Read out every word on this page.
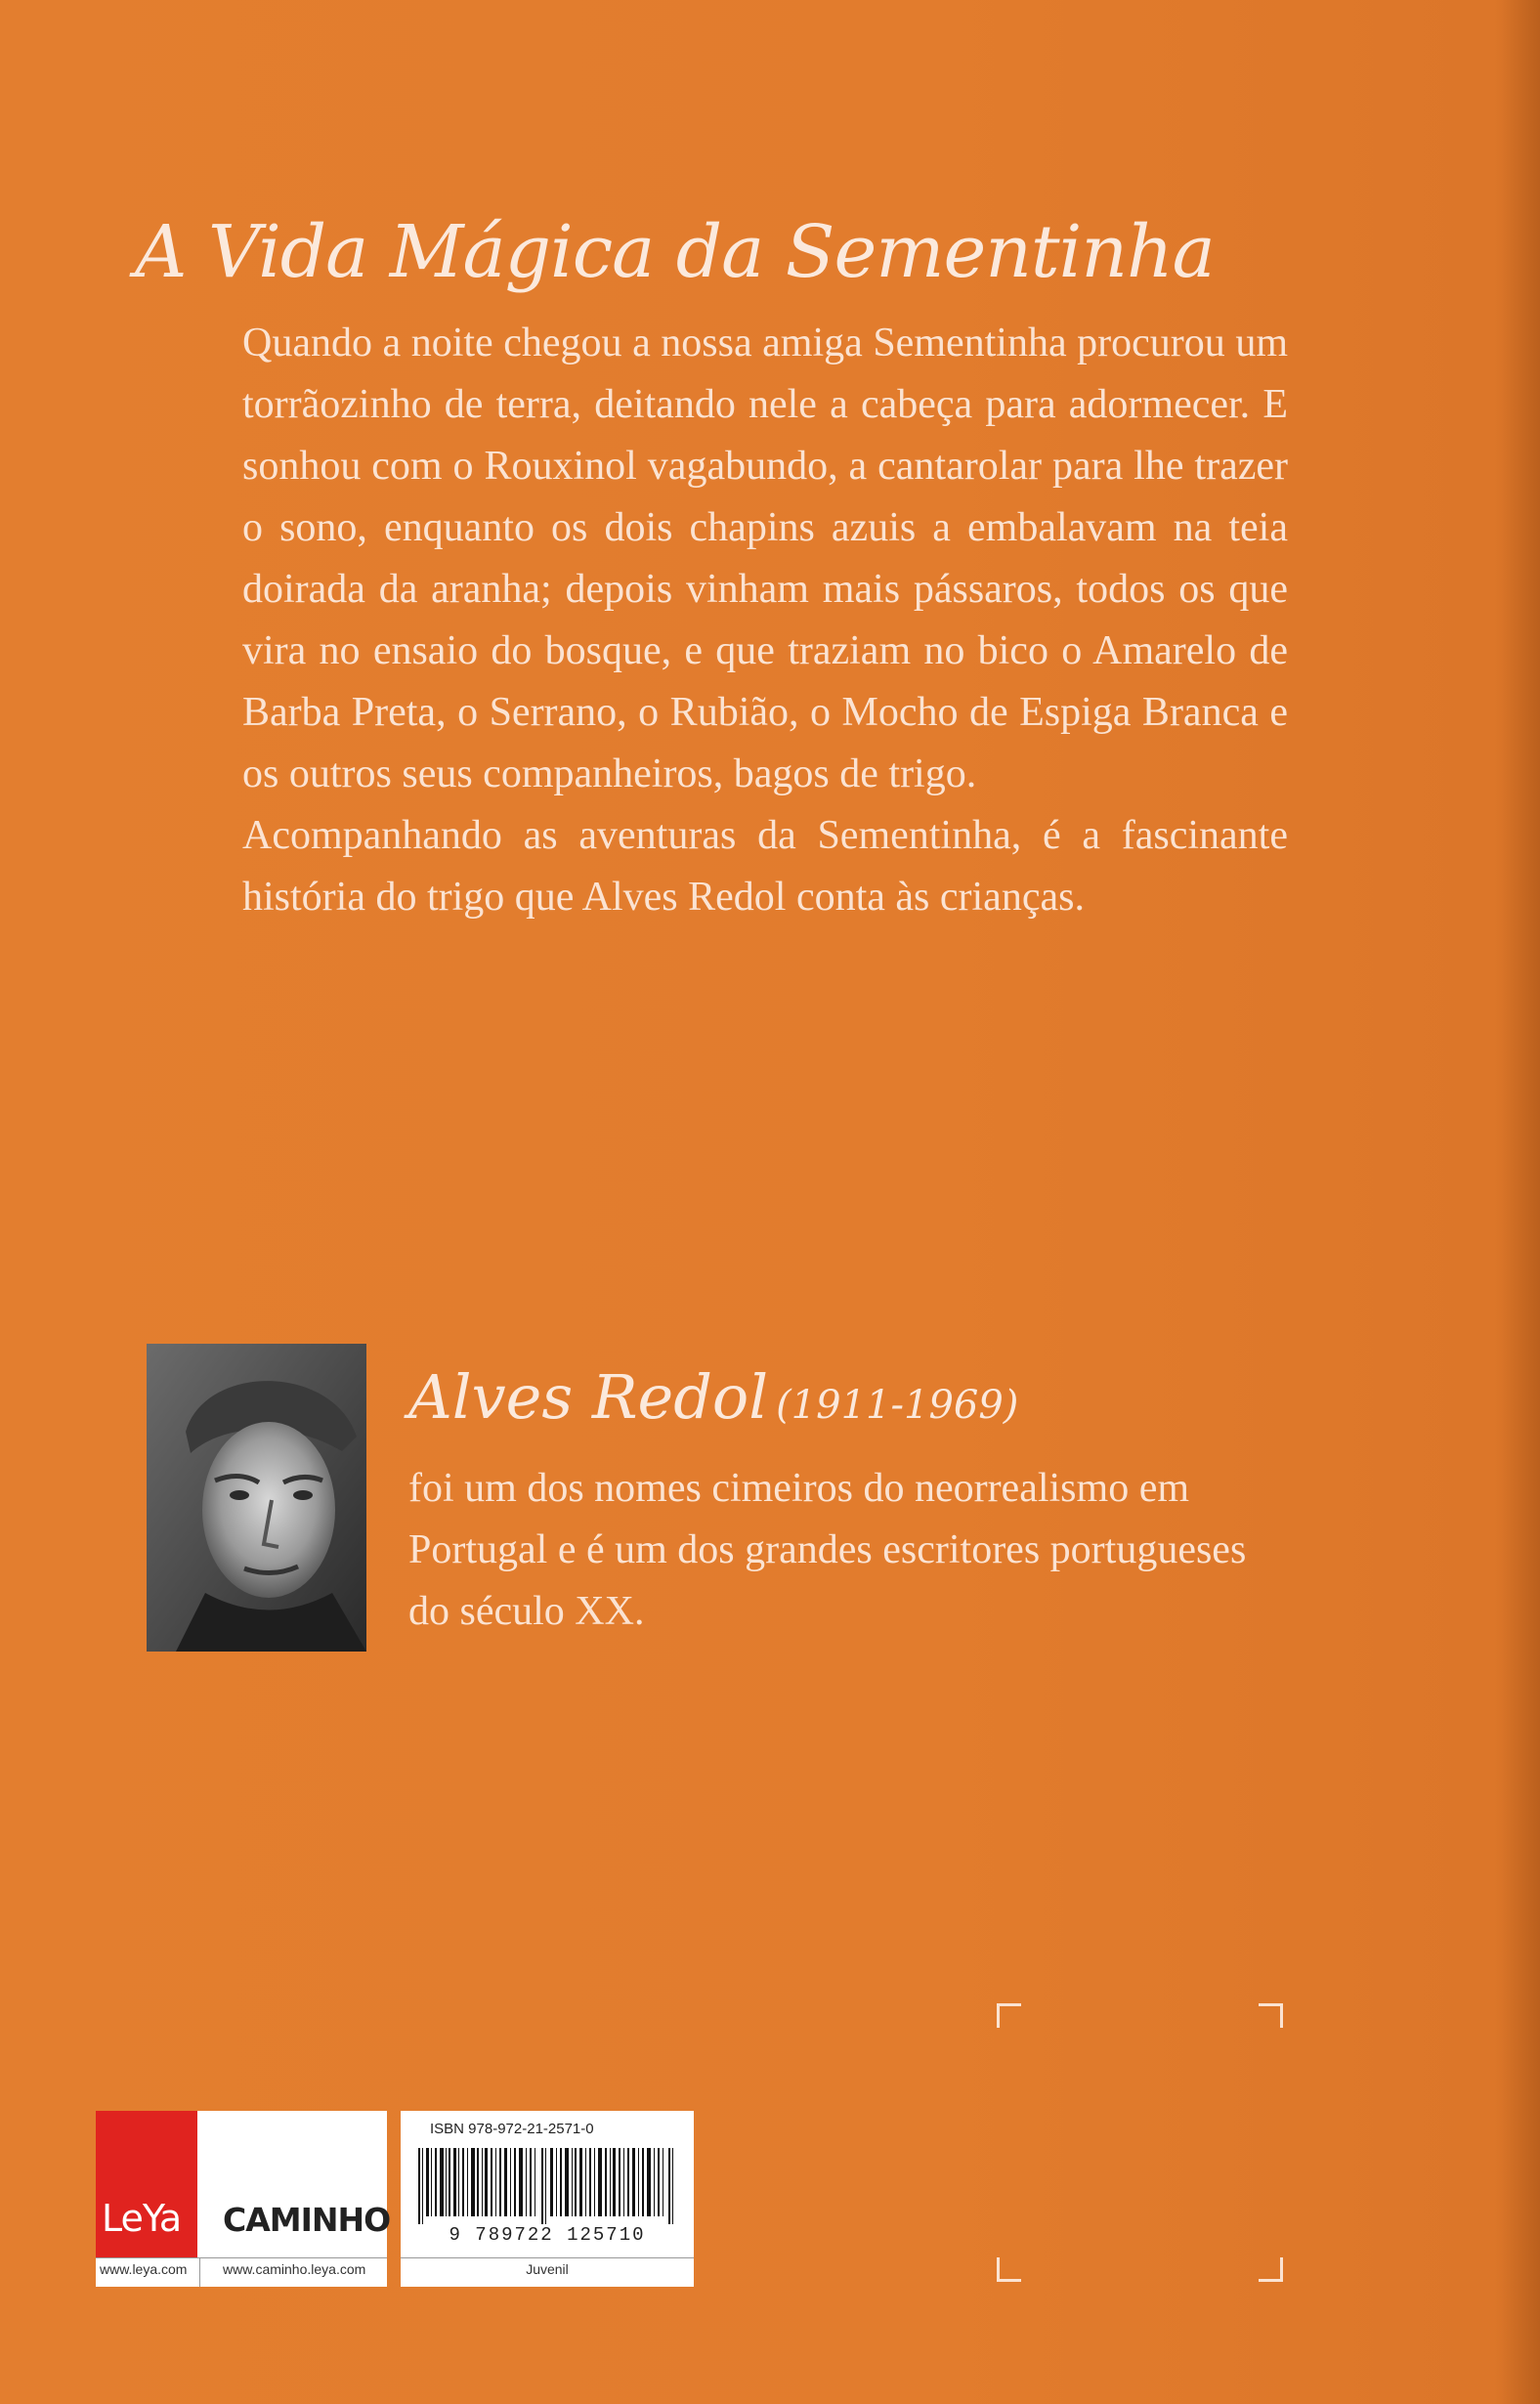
A Vida Mágica da Sementinha

Quando a noite chegou a nossa amiga Sementinha procurou um torrãozinho de terra, deitando nele a cabeça para adormecer. E sonhou com o Rouxinol vagabundo, a cantarolar para lhe trazer o sono, enquanto os dois chapins azuis a embalavam na teia doirada da aranha; depois vinham mais pássaros, todos os que vira no ensaio do bosque, e que traziam no bico o Amarelo de Barba Preta, o Serrano, o Rubião, o Mocho de Espiga Branca e os outros seus companheiros, bagos de trigo.

Acompanhando as aventuras da Sementinha, é a fascinante história do trigo que Alves Redol conta às crianças.

Alves Redol (1911-1969)
foi um dos nomes cimeiros do neorrealismo em Portugal e é um dos grandes escritores portugueses do século XX.
LeYa CAMINHO
www.leya.com	www.caminho.leya.com
ISBN 978-972-21-2571-0
9 789722 125710
Juvenil
